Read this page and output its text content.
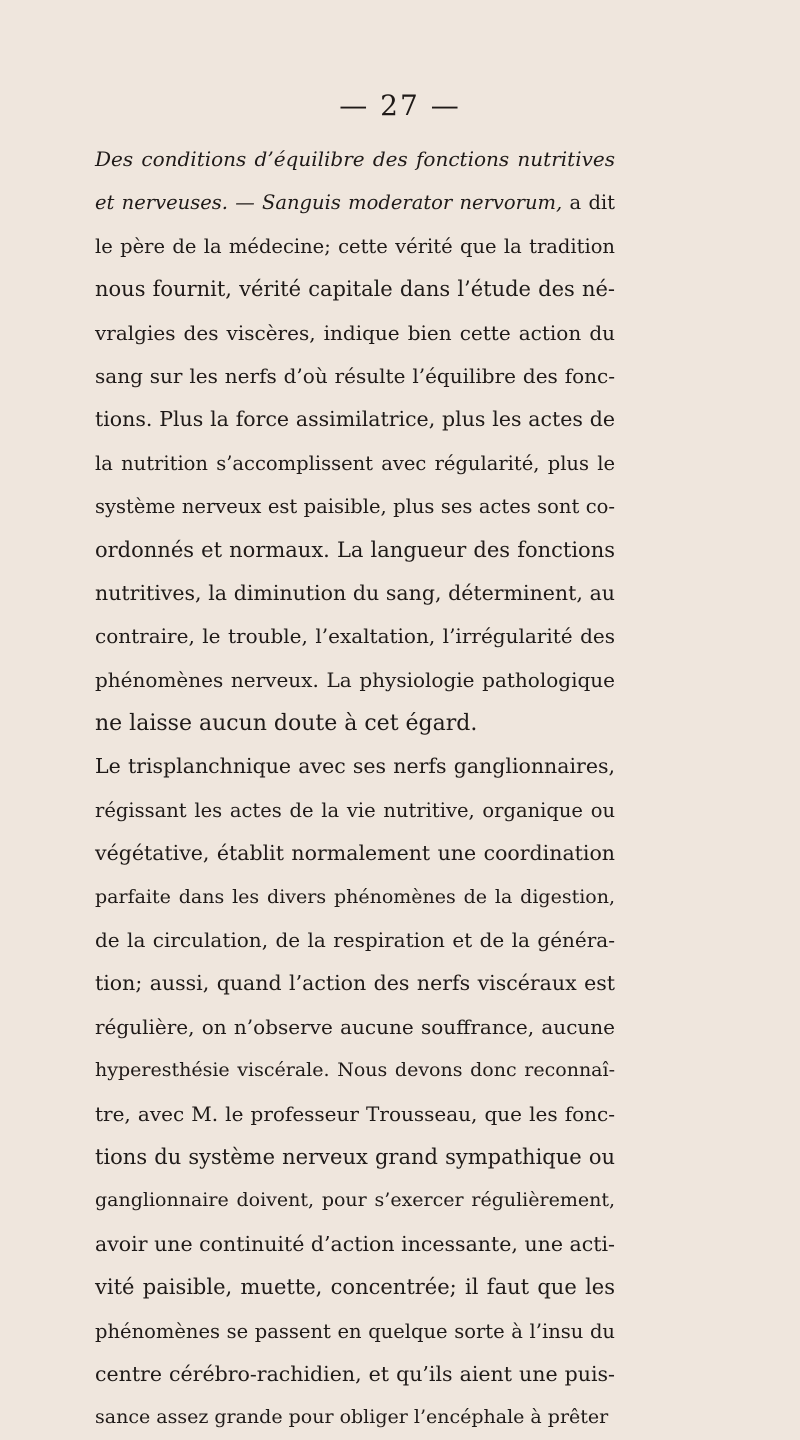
— 27 —
Des conditions d’équilibre des fonctions nutritives
et nerveuses. — Sanguis moderator nervorum, a dit
le père de la médecine; cette vérité que la tradition
nous fournit, vérité capitale dans l’étude des né-
vralgies des viscères, indique bien cette action du
sang sur les nerfs d’où résulte l’équilibre des fonc-
tions. Plus la force assimilatrice, plus les actes de
la nutrition s’accomplissent avec régularité, plus le
système nerveux est paisible, plus ses actes sont co-
ordonnés et normaux. La langueur des fonctions
nutritives, la diminution du sang, déterminent, au
contraire, le trouble, l’exaltation, l’irrégularité des
phénomènes nerveux. La physiologie pathologique
ne laisse aucun doute à cet égard.
Le trisplanchnique avec ses nerfs ganglionnaires,
régissant les actes de la vie nutritive, organique ou
végétative, établit normalement une coordination
parfaite dans les divers phénomènes de la digestion,
de la circulation, de la respiration et de la généra-
tion; aussi, quand l’action des nerfs viscéraux est
régulière, on n’observe aucune souffrance, aucune
hyperesthésie viscérale. Nous devons donc reconnaî-
tre, avec M. le professeur Trousseau, que les fonc-
tions du système nerveux grand sympathique ou
ganglionnaire doivent, pour s’exercer régulièrement,
avoir une continuité d’action incessante, une acti-
vité paisible, muette, concentrée; il faut que les
phénomènes se passent en quelque sorte à l’insu du
centre cérébro-rachidien, et qu’ils aient une puis-
sance assez grande pour obliger l’encéphale à prêter
